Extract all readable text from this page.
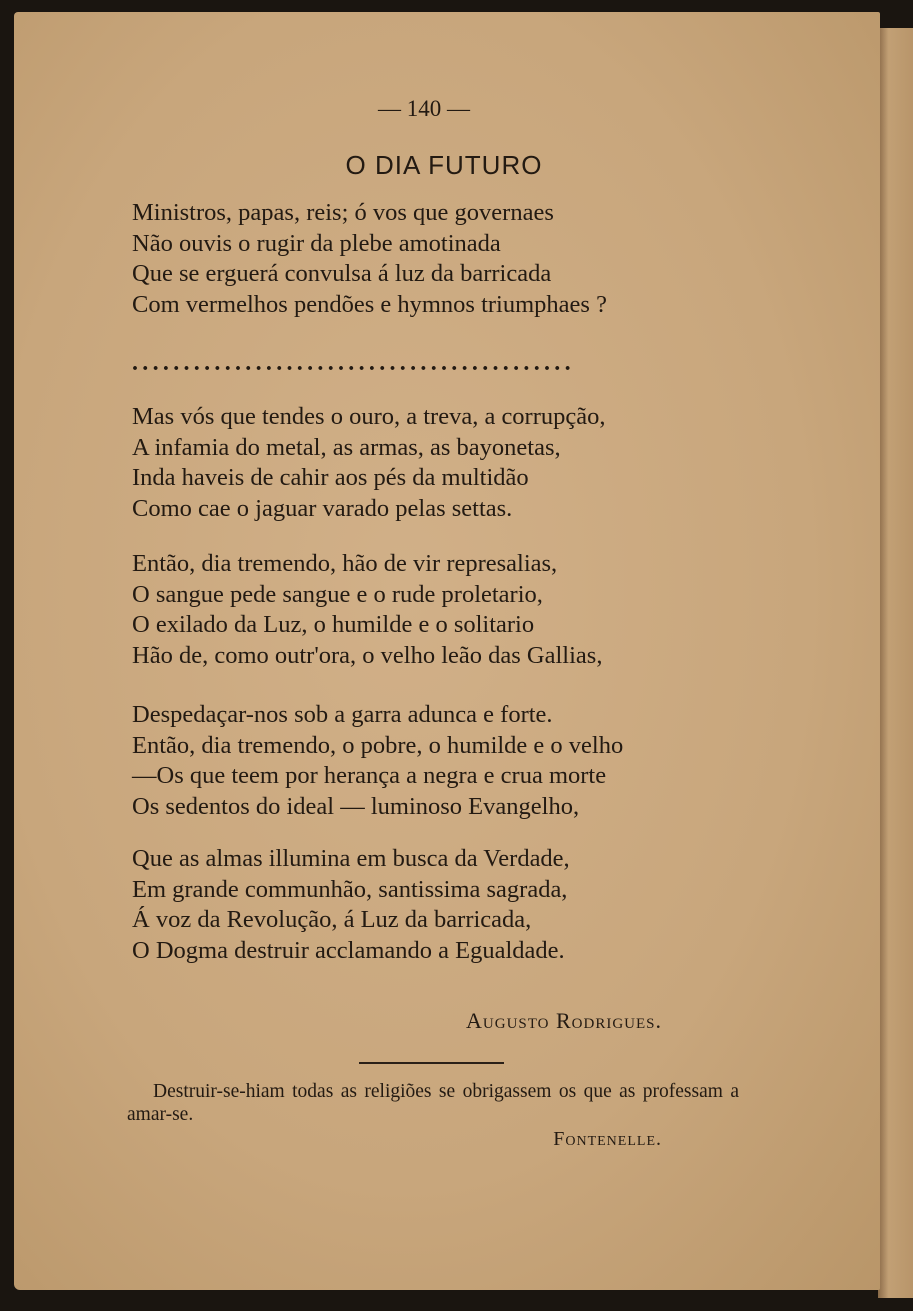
— 140 —
O DIA FUTURO
Ministros, papas, reis; ó vos que governaes
Não ouvis o rugir da plebe amotinada
Que se erguerá convulsa á luz da barricada
Com vermelhos pendões e hymnos triumphaes ?
...........................................
Mas vós que tendes o ouro, a treva, a corrupção,
A infamia do metal, as armas, as bayonetas,
Inda haveis de cahir aos pés da multidão
Como cae o jaguar varado pelas settas.
Então, dia tremendo, hão de vir represalias,
O sangue pede sangue e o rude proletario,
O exilado da Luz, o humilde e o solitario
Hão de, como outr'ora, o velho leão das Gallias,
Despedaçar-nos sob a garra adunca e forte.
Então, dia tremendo, o pobre, o humilde e o velho
—Os que teem por herança a negra e crua morte
Os sedentos do ideal — luminoso Evangelho,
Que as almas illumina em busca da Verdade,
Em grande communhão, santissima sagrada,
Á voz da Revolução, á Luz da barricada,
O Dogma destruir acclamando a Egualdade.
Augusto Rodrigues.
Destruir-se-hiam todas as religiões se obrigassem os que as professam a amar-se.
Fontenelle.
